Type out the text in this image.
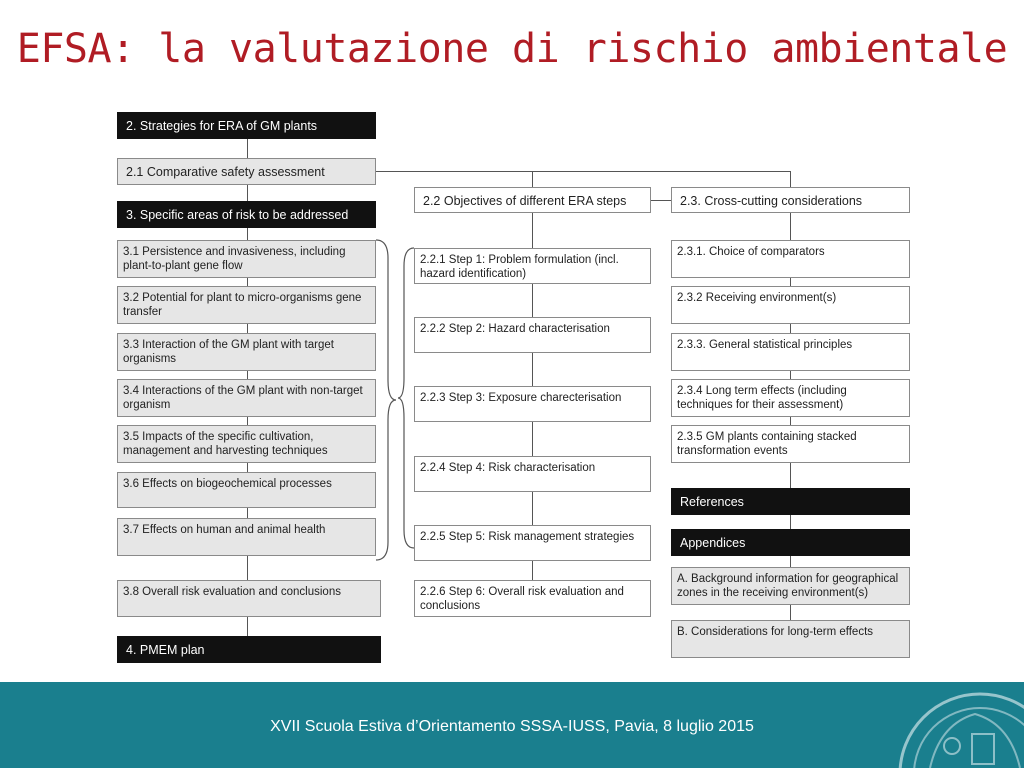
EFSA: la valutazione di rischio ambientale
2. Strategies for ERA of GM plants
2.1 Comparative safety assessment
3. Specific areas of risk to be addressed
3.1 Persistence and invasiveness, including plant-to-plant gene flow
3.2 Potential for plant to micro-organisms gene transfer
3.3 Interaction of the GM plant with target organisms
3.4 Interactions of the GM plant with non-target organism
3.5 Impacts of the specific cultivation, management and harvesting techniques
3.6 Effects on biogeochemical processes
3.7 Effects on human and animal health
3.8 Overall risk evaluation and conclusions
4. PMEM plan
2.2 Objectives of different ERA steps
2.2.1 Step 1: Problem formulation (incl. hazard identification)
2.2.2 Step 2: Hazard characterisation
2.2.3 Step 3: Exposure charecterisation
2.2.4 Step 4: Risk characterisation
2.2.5 Step 5: Risk management strategies
2.2.6 Step 6: Overall risk evaluation and conclusions
2.3. Cross-cutting considerations
2.3.1. Choice of comparators
2.3.2 Receiving environment(s)
2.3.3. General statistical principles
2.3.4 Long term effects (including techniques for their assessment)
2.3.5 GM plants containing stacked transformation events
References
Appendices
A. Background information for geographical zones in the receiving environment(s)
B. Considerations for long-term effects
XVII Scuola Estiva d’Orientamento SSSA-IUSS, Pavia, 8 luglio 2015
